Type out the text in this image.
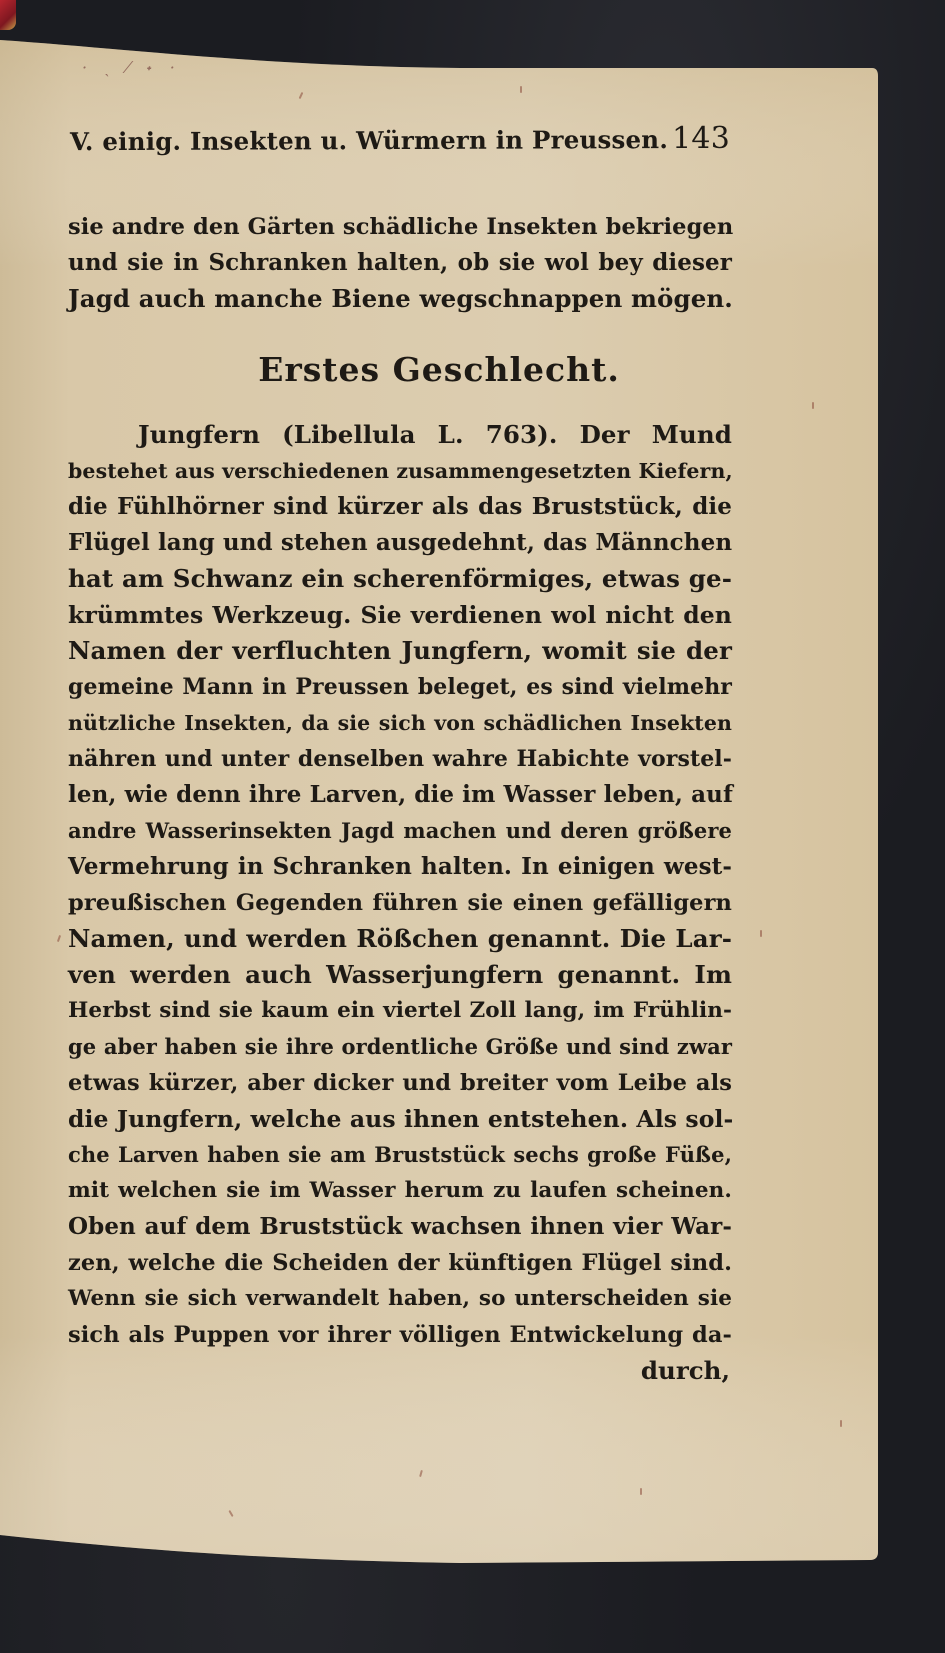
· ˎ ⁄ ˖ ·
V. einig. Insekten u. Würmern in Preussen. 143
sie andre den Gärten schädliche Insekten bekriegen
und sie in Schranken halten, ob sie wol bey dieser
Jagd auch manche Biene wegschnappen mögen.
Erstes Geschlecht.
Jungfern (Libellula L. 763). Der Mund
bestehet aus verschiedenen zusammengesetzten Kiefern,
die Fühlhörner sind kürzer als das Bruststück, die
Flügel lang und stehen ausgedehnt, das Männchen
hat am Schwanz ein scherenförmiges, etwas ge-
krümmtes Werkzeug. Sie verdienen wol nicht den
Namen der verfluchten Jungfern, womit sie der
gemeine Mann in Preussen beleget, es sind vielmehr
nützliche Insekten, da sie sich von schädlichen Insekten
nähren und unter denselben wahre Habichte vorstel-
len, wie denn ihre Larven, die im Wasser leben, auf
andre Wasserinsekten Jagd machen und deren größere
Vermehrung in Schranken halten. In einigen west-
preußischen Gegenden führen sie einen gefälligern
Namen, und werden Rößchen genannt. Die Lar-
ven werden auch Wasserjungfern genannt. Im
Herbst sind sie kaum ein viertel Zoll lang, im Frühlin-
ge aber haben sie ihre ordentliche Größe und sind zwar
etwas kürzer, aber dicker und breiter vom Leibe als
die Jungfern, welche aus ihnen entstehen. Als sol-
che Larven haben sie am Bruststück sechs große Füße,
mit welchen sie im Wasser herum zu laufen scheinen.
Oben auf dem Bruststück wachsen ihnen vier War-
zen, welche die Scheiden der künftigen Flügel sind.
Wenn sie sich verwandelt haben, so unterscheiden sie
sich als Puppen vor ihrer völligen Entwickelung da-
durch,
